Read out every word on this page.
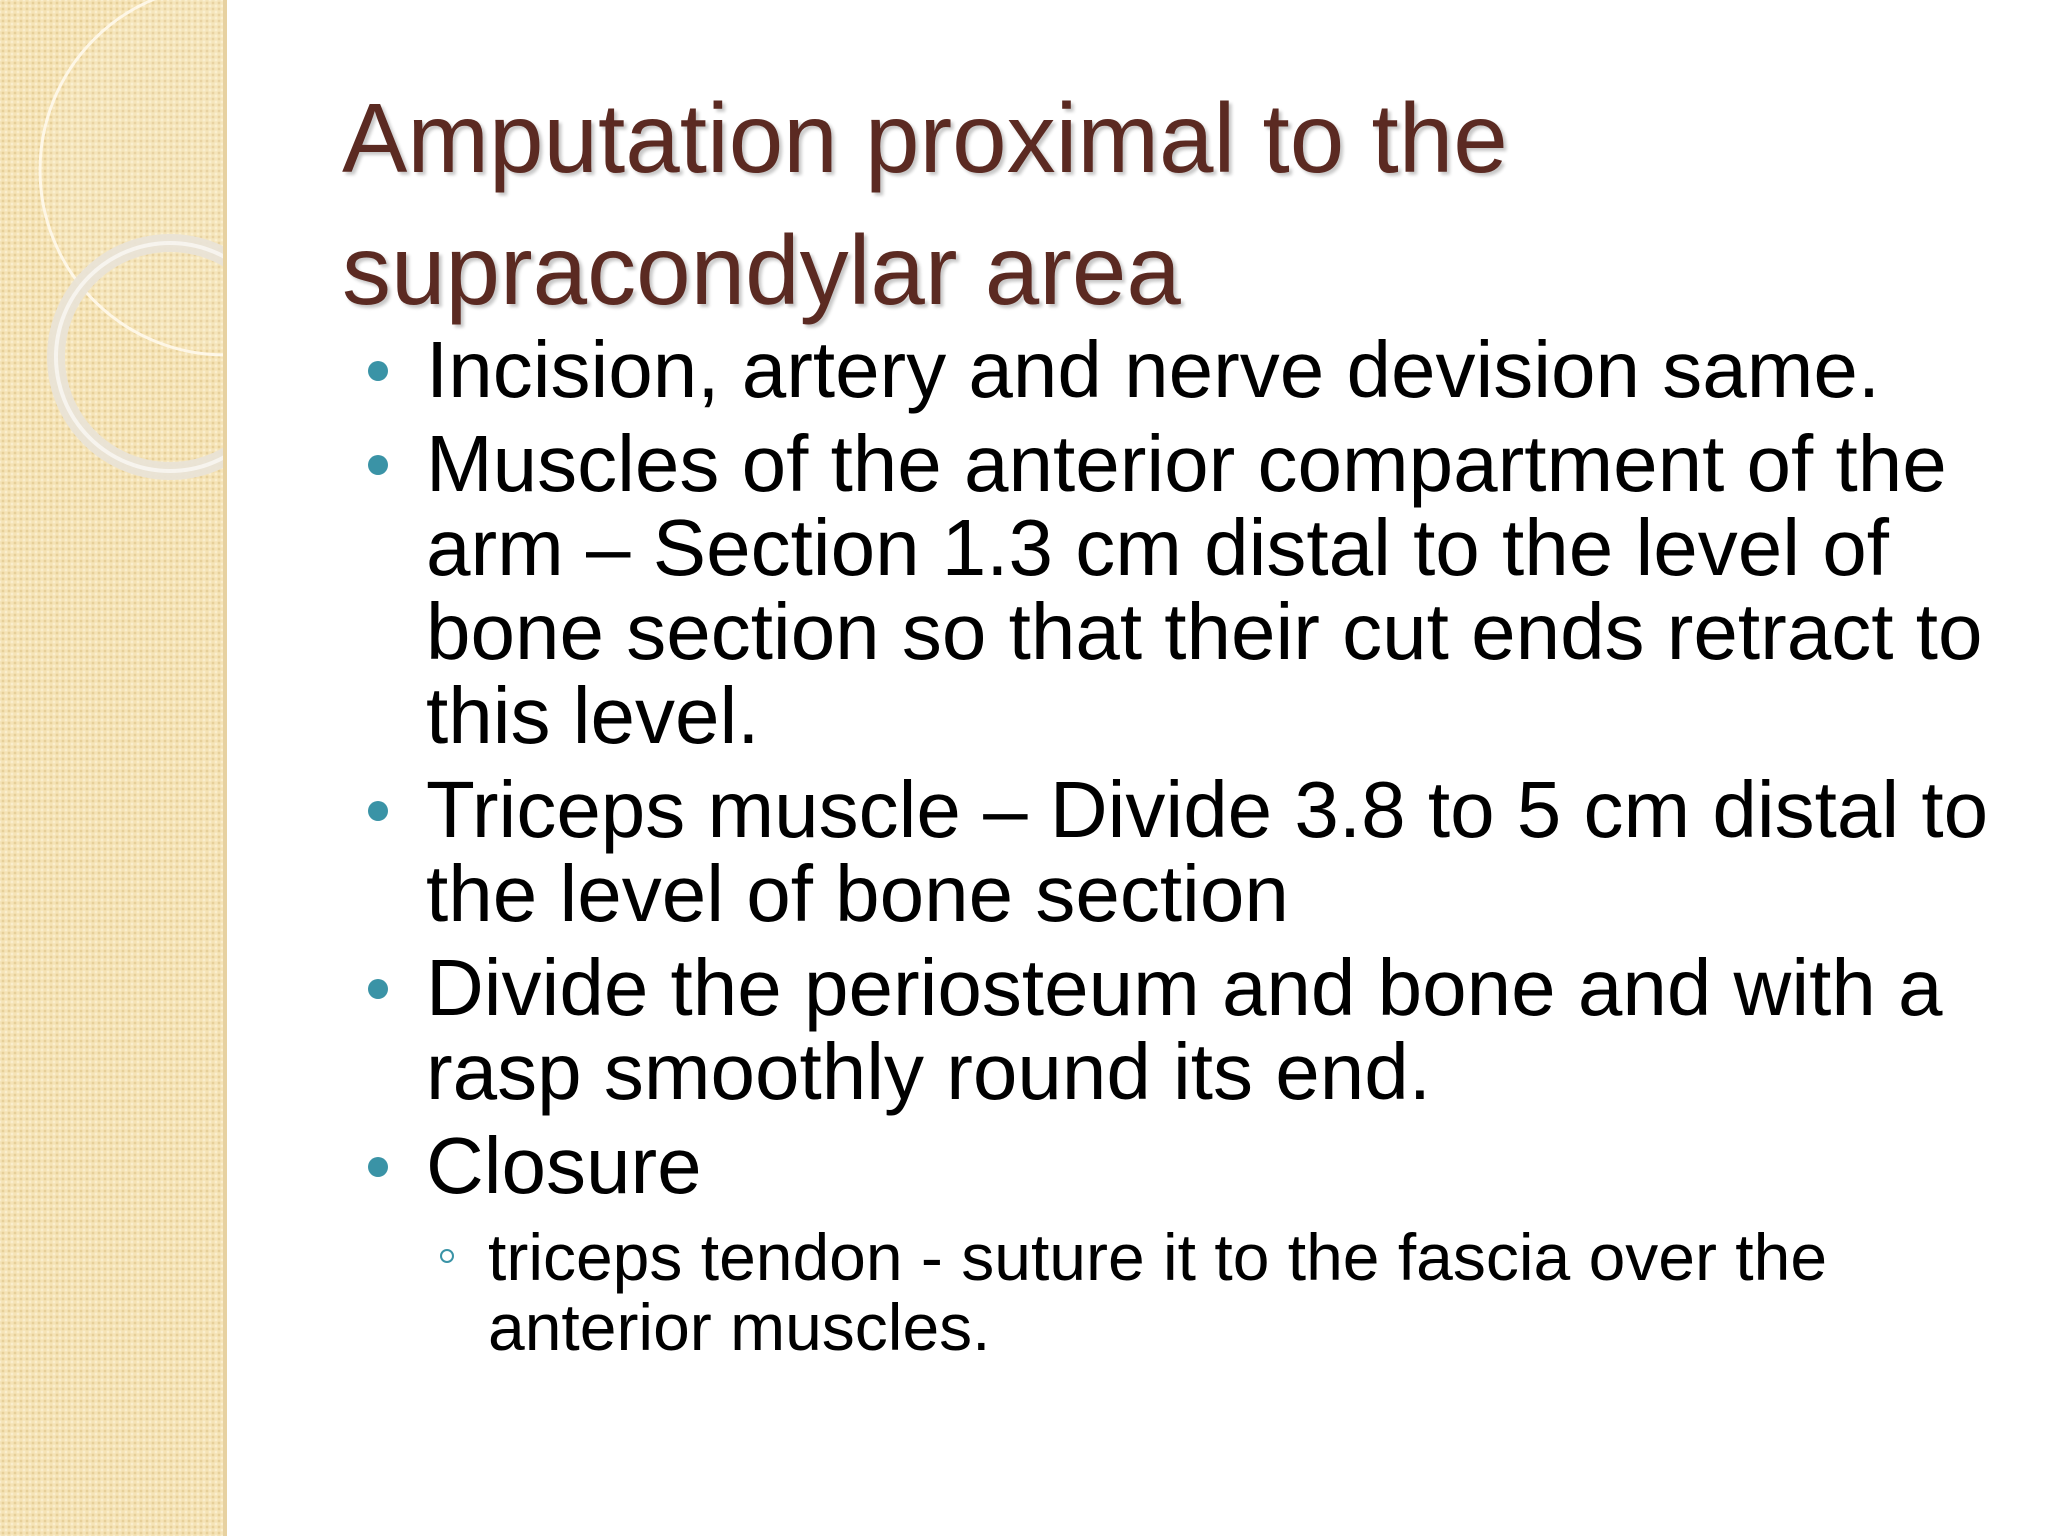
Amputation proximal to the supracondylar area
Incision, artery and nerve devision same.
Muscles of the anterior compartment of the arm – Section 1.3 cm distal to the level of bone section so that their cut ends retract to this level.
Triceps muscle – Divide 3.8 to 5 cm distal to the level of bone section
Divide the periosteum and bone and with a rasp smoothly round its end.
Closure
triceps tendon - suture it to the fascia over the anterior muscles.
